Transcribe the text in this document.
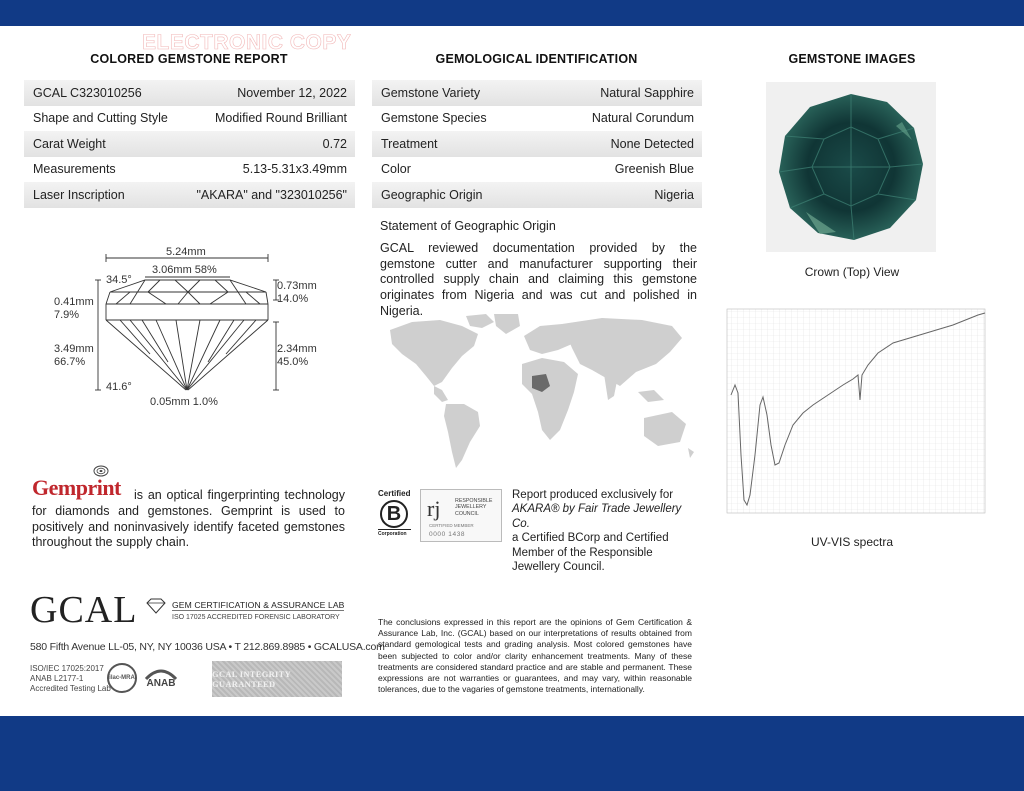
ELECTRONIC COPY
COLORED GEMSTONE REPORT	GEMOLOGICAL IDENTIFICATION	GEMSTONE IMAGES
GCAL C323010256	November 12, 2022
Shape and Cutting Style	Modified Round Brilliant
Carat Weight	0.72
Measurements	5.13-5.31x3.49mm
Laser Inscription	"AKARA" and "323010256"
Gemstone Variety	Natural Sapphire
Gemstone Species	Natural Corundum
Treatment	None Detected
Color	Greenish Blue
Geographic Origin	Nigeria
5.24mm
3.06mm 58%
34.5°	0.73mm
14.0%
0.41mm
7.9%
3.49mm
66.7%
2.34mm
45.0%
41.6°
0.05mm 1.0%
Statement of Geographic Origin
GCAL reviewed documentation provided by the gemstone cutter and manufacturer supporting their controlled supply chain and claiming this gemstone originates from Nigeria and was cut and polished in Nigeria.
Gemprint	is an optical fingerprinting technology for diamonds and gemstones. Gemprint is used to positively and noninvasively identify faceted gemstones throughout the supply chain.
Certified
B
Corporation
rj	RESPONSIBLE
JEWELLERY
COUNCIL
CERTIFIED MEMBER
0000 1438
Report produced exclusively for
AKARA® by Fair Trade Jewellery Co.
a Certified BCorp and Certified Member of the Responsible Jewellery Council.
GCAL	GEM CERTIFICATION & ASSURANCE LAB
ISO 17025 ACCREDITED FORENSIC LABORATORY
580 Fifth Avenue LL-05, NY, NY 10036 USA • T 212.869.8985 • GCALUSA.com
ISO/IEC 17025:2017
ANAB L2177-1
Accredited Testing Lab
ilac-MRA	ANAB
GCAL INTEGRITY GUARANTEED
The conclusions expressed in this report are the opinions of Gem Certification & Assurance Lab, Inc. (GCAL) based on our interpretations of results obtained from standard gemological tests and grading analysis. Most colored gemstones have been subjected to color and/or clarity enhancement treatments. Many of these treatments are considered standard practice and are stable and permanent. These expressions are not warranties or guarantees, and may vary, within reasonable tolerances, due to the vagaries of gemstone treatments, internationally.
Crown (Top) View
UV-VIS spectra
